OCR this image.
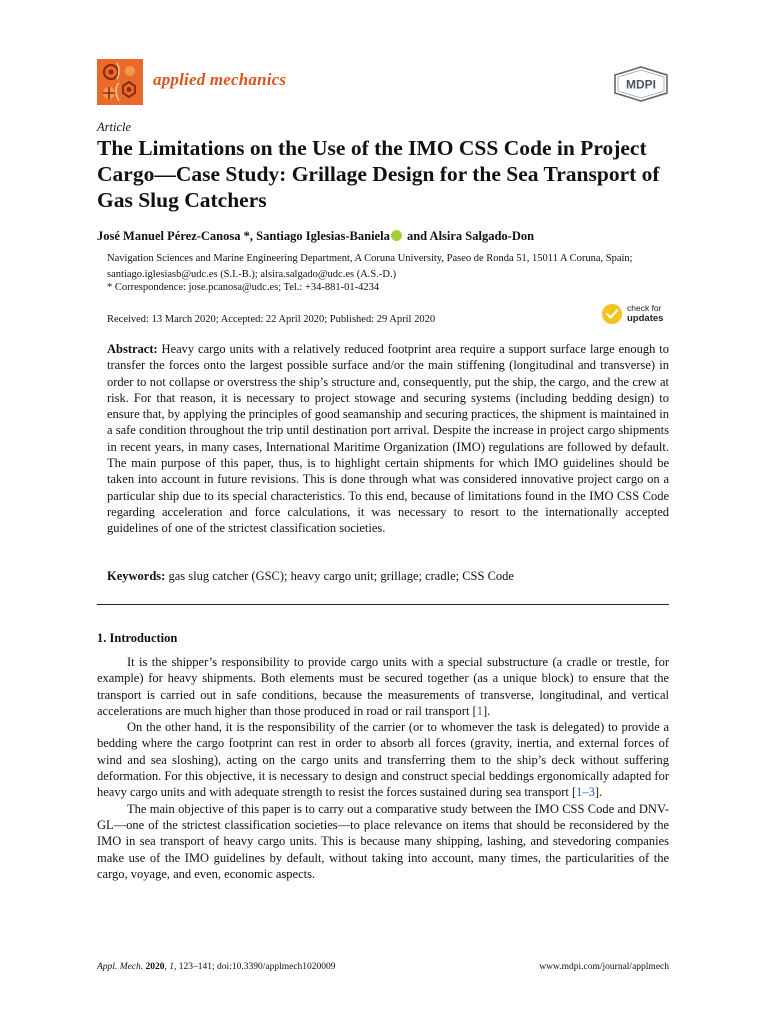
applied mechanics	MDPI
Article
The Limitations on the Use of the IMO CSS Code in Project Cargo—Case Study: Grillage Design for the Sea Transport of Gas Slug Catchers
José Manuel Pérez-Canosa *, Santiago Iglesias-Baniela and Alsira Salgado-Don
Navigation Sciences and Marine Engineering Department, A Coruna University, Paseo de Ronda 51, 15011 A Coruna, Spain; santiago.iglesiasb@udc.es (S.I.-B.); alsira.salgado@udc.es (A.S.-D.)
* Correspondence: jose.pcanosa@udc.es; Tel.: +34-881-01-4234
Received: 13 March 2020; Accepted: 22 April 2020; Published: 29 April 2020
check for
updates
Abstract: Heavy cargo units with a relatively reduced footprint area require a support surface large enough to transfer the forces onto the largest possible surface and/or the main stiffening (longitudinal and transverse) in order to not collapse or overstress the ship’s structure and, consequently, put the ship, the cargo, and the crew at risk. For that reason, it is necessary to project stowage and securing systems (including bedding design) to ensure that, by applying the principles of good seamanship and securing practices, the shipment is maintained in a safe condition throughout the trip until destination port arrival. Despite the increase in project cargo shipments in recent years, in many cases, International Maritime Organization (IMO) regulations are followed by default. The main purpose of this paper, thus, is to highlight certain shipments for which IMO guidelines should be taken into account in future revisions. This is done through what was considered innovative project cargo on a particular ship due to its special characteristics. To this end, because of limitations found in the IMO CSS Code regarding acceleration and force calculations, it was necessary to resort to the internationally accepted guidelines of one of the strictest classification societies.
Keywords: gas slug catcher (GSC); heavy cargo unit; grillage; cradle; CSS Code
1. Introduction

It is the shipper’s responsibility to provide cargo units with a special substructure (a cradle or trestle, for example) for heavy shipments. Both elements must be secured together (as a unique block) to ensure that the transport is carried out in safe conditions, because the measurements of transverse, longitudinal, and vertical accelerations are much higher than those produced in road or rail transport [1].

On the other hand, it is the responsibility of the carrier (or to whomever the task is delegated) to provide a bedding where the cargo footprint can rest in order to absorb all forces (gravity, inertia, and external forces of wind and sea sloshing), acting on the cargo units and transferring them to the ship’s deck without suffering deformation. For this objective, it is necessary to design and construct special beddings ergonomically adapted for heavy cargo units and with adequate strength to resist the forces sustained during sea transport [1–3].

The main objective of this paper is to carry out a comparative study between the IMO CSS Code and DNV-GL—one of the strictest classification societies—to place relevance on items that should be reconsidered by the IMO in sea transport of heavy cargo units. This is because many shipping, lashing, and stevedoring companies make use of the IMO guidelines by default, without taking into account, many times, the particularities of the cargo, voyage, and even, economic aspects.

Appl. Mech. 2020, 1, 123–141; doi:10.3390/applmech1020009	www.mdpi.com/journal/applmech
